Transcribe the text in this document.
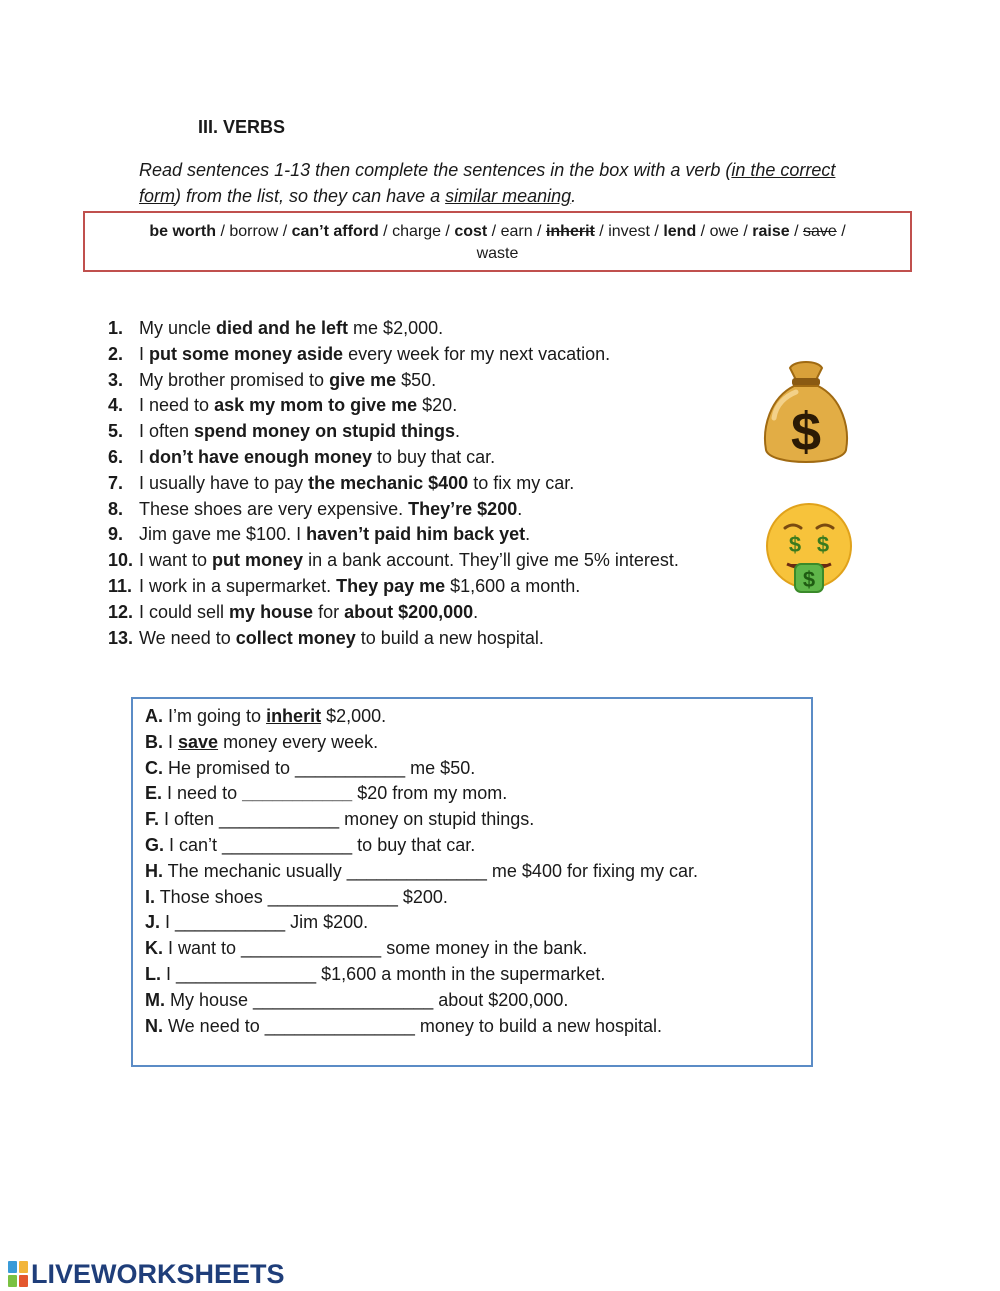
III. VERBS
Read sentences 1-13 then complete the sentences in the box with a verb (in the correct form) from the list, so they can have a similar meaning.
be worth / borrow / can’t afford / charge / cost / earn / inherit / invest / lend / owe / raise / save /
waste
1. My uncle died and he left me $2,000.
2. I put some money aside every week for my next vacation.
3. My brother promised to give me $50.
4. I need to ask my mom to give me $20.
5. I often spend money on stupid things.
6. I don’t have enough money to buy that car.
7. I usually have to pay the mechanic $400 to fix my car.
8. These shoes are very expensive. They’re $200.
9. Jim gave me $100. I haven’t paid him back yet.
10. I want to put money in a bank account. They’ll give me 5% interest.
11. I work in a supermarket. They pay me $1,600 a month.
12. I could sell my house for about $200,000.
13. We need to collect money to build a new hospital.
$
$ $
$
A. I’m going to inherit $2,000.
B. I save money every week.
C. He promised to ___________ me $50.
E. I need to ___________ $20 from my mom.
F. I often ____________ money on stupid things.
G. I can’t _____________ to buy that car.
H. The mechanic usually ______________ me $400 for fixing my car.
I. Those shoes _____________ $200.
J. I ___________ Jim $200.
K. I want to ______________ some money in the bank.
L. I ______________ $1,600 a month in the supermarket.
M. My house __________________ about $200,000.
N. We need to _______________ money to build a new hospital.
LIVEWORKSHEETS
